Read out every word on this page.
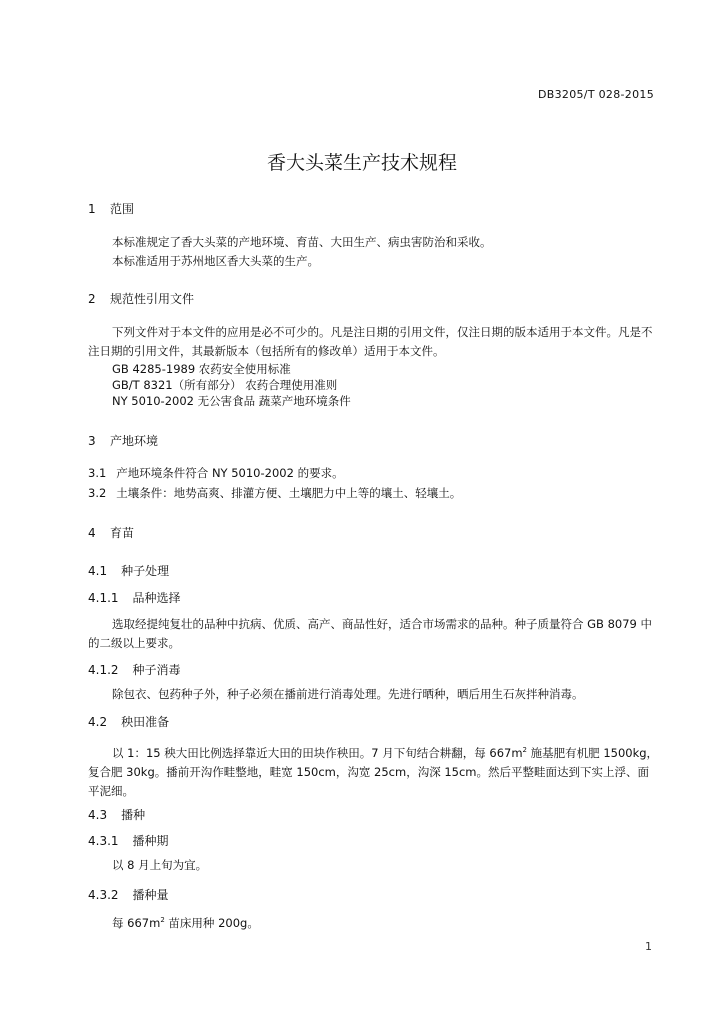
DB3205/T 028-2015
香大头菜生产技术规程
1 范围
本标准规定了香大头菜的产地环境、育苗、大田生产、病虫害防治和采收。
本标准适用于苏州地区香大头菜的生产。
2 规范性引用文件
下列文件对于本文件的应用是必不可少的。凡是注日期的引用文件，仅注日期的版本适用于本文件。凡是不注日期的引用文件，其最新版本（包括所有的修改单）适用于本文件。
GB 4285-1989 农药安全使用标准
GB/T 8321（所有部分） 农药合理使用准则
NY 5010-2002 无公害食品 蔬菜产地环境条件
3 产地环境
3.1 产地环境条件符合 NY 5010-2002 的要求。
3.2 土壤条件：地势高爽、排灌方便、土壤肥力中上等的壤土、轻壤土。
4 育苗
4.1 种子处理
4.1.1 品种选择
选取经提纯复壮的品种中抗病、优质、高产、商品性好，适合市场需求的品种。种子质量符合 GB 8079 中的二级以上要求。
4.1.2 种子消毒
除包衣、包药种子外，种子必须在播前进行消毒处理。先进行晒种，晒后用生石灰拌种消毒。
4.2 秧田准备
以 1：15 秧大田比例选择靠近大田的田块作秧田。7 月下旬结合耕翻，每 $667m^2$ 施基肥有机肥 1500kg，复合肥 30kg。播前开沟作畦整地，畦宽 150cm，沟宽 25cm，沟深 15cm。然后平整畦面达到下实上浮、面平泥细。
4.3 播种
4.3.1 播种期
以 8 月上旬为宜。
4.3.2 播种量
每 $667m^2$ 苗床用种 200g。
1
